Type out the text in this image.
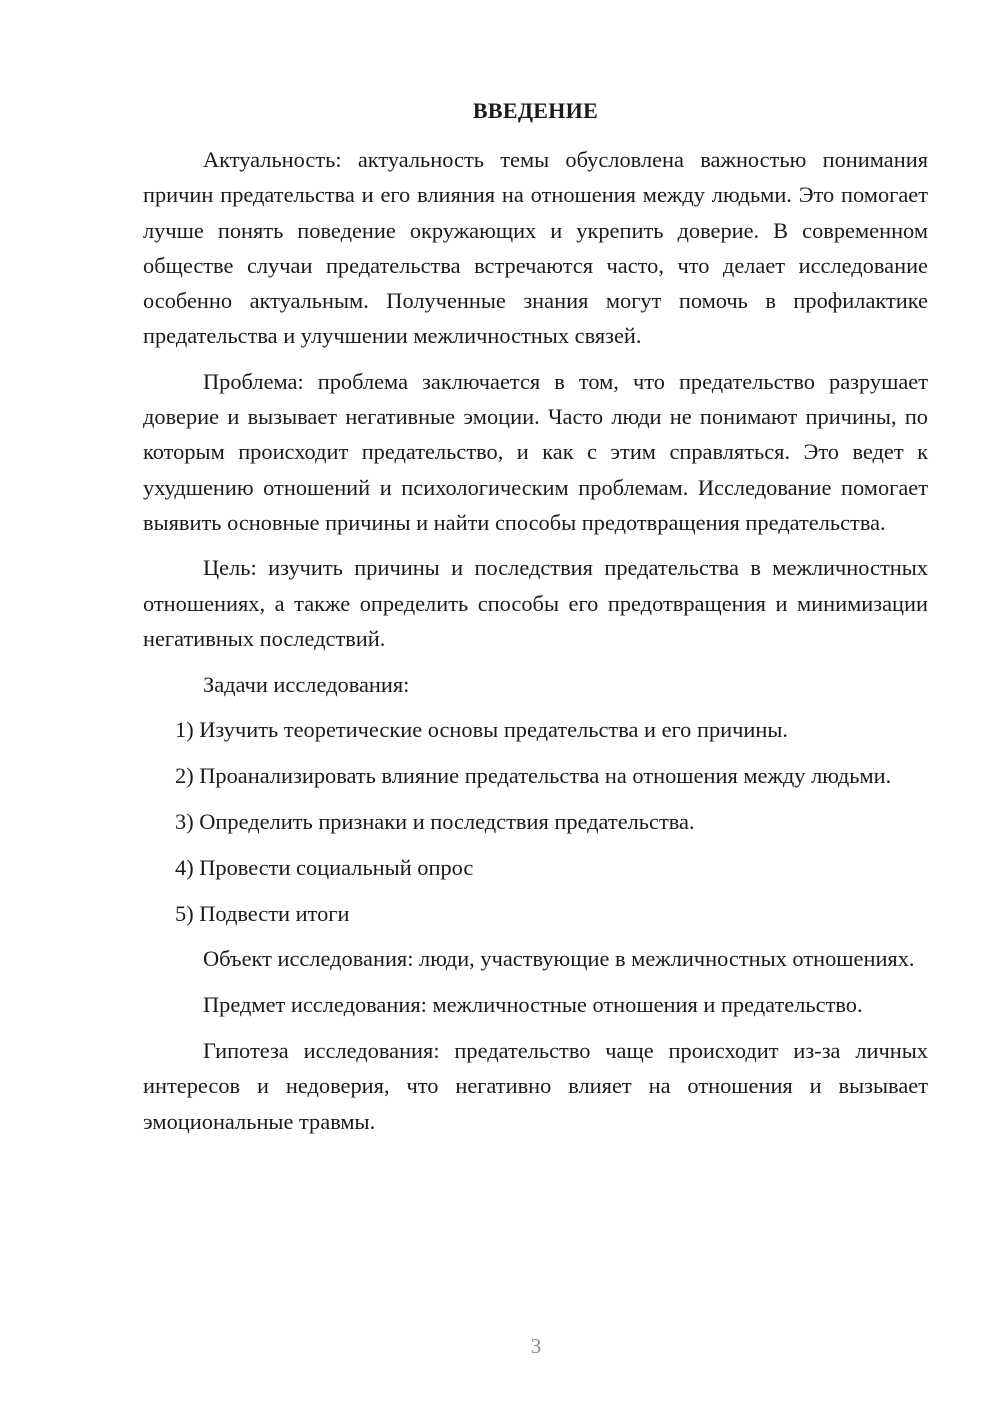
ВВЕДЕНИЕ

Актуальность: актуальность темы обусловлена важностью понимания причин предательства и его влияния на отношения между людьми. Это помогает лучше понять поведение окружающих и укрепить доверие. В современном обществе случаи предательства встречаются часто, что делает исследование особенно актуальным. Полученные знания могут помочь в профилактике предательства и улучшении межличностных связей.

Проблема: проблема заключается в том, что предательство разрушает доверие и вызывает негативные эмоции. Часто люди не понимают причины, по которым происходит предательство, и как с этим справляться. Это ведет к ухудшению отношений и психологическим проблемам. Исследование помогает выявить основные причины и найти способы предотвращения предательства.

Цель: изучить причины и последствия предательства в межличностных отношениях, а также определить способы его предотвращения и минимизации негативных последствий.

Задачи исследования:

1) Изучить теоретические основы предательства и его причины.

2) Проанализировать влияние предательства на отношения между людьми.

3) Определить признаки и последствия предательства.

4) Провести социальный опрос

5) Подвести итоги

Объект исследования: люди, участвующие в межличностных отношениях.

Предмет исследования: межличностные отношения и предательство.

Гипотеза исследования: предательство чаще происходит из-за личных интересов и недоверия, что негативно влияет на отношения и вызывает эмоциональные травмы.

3
